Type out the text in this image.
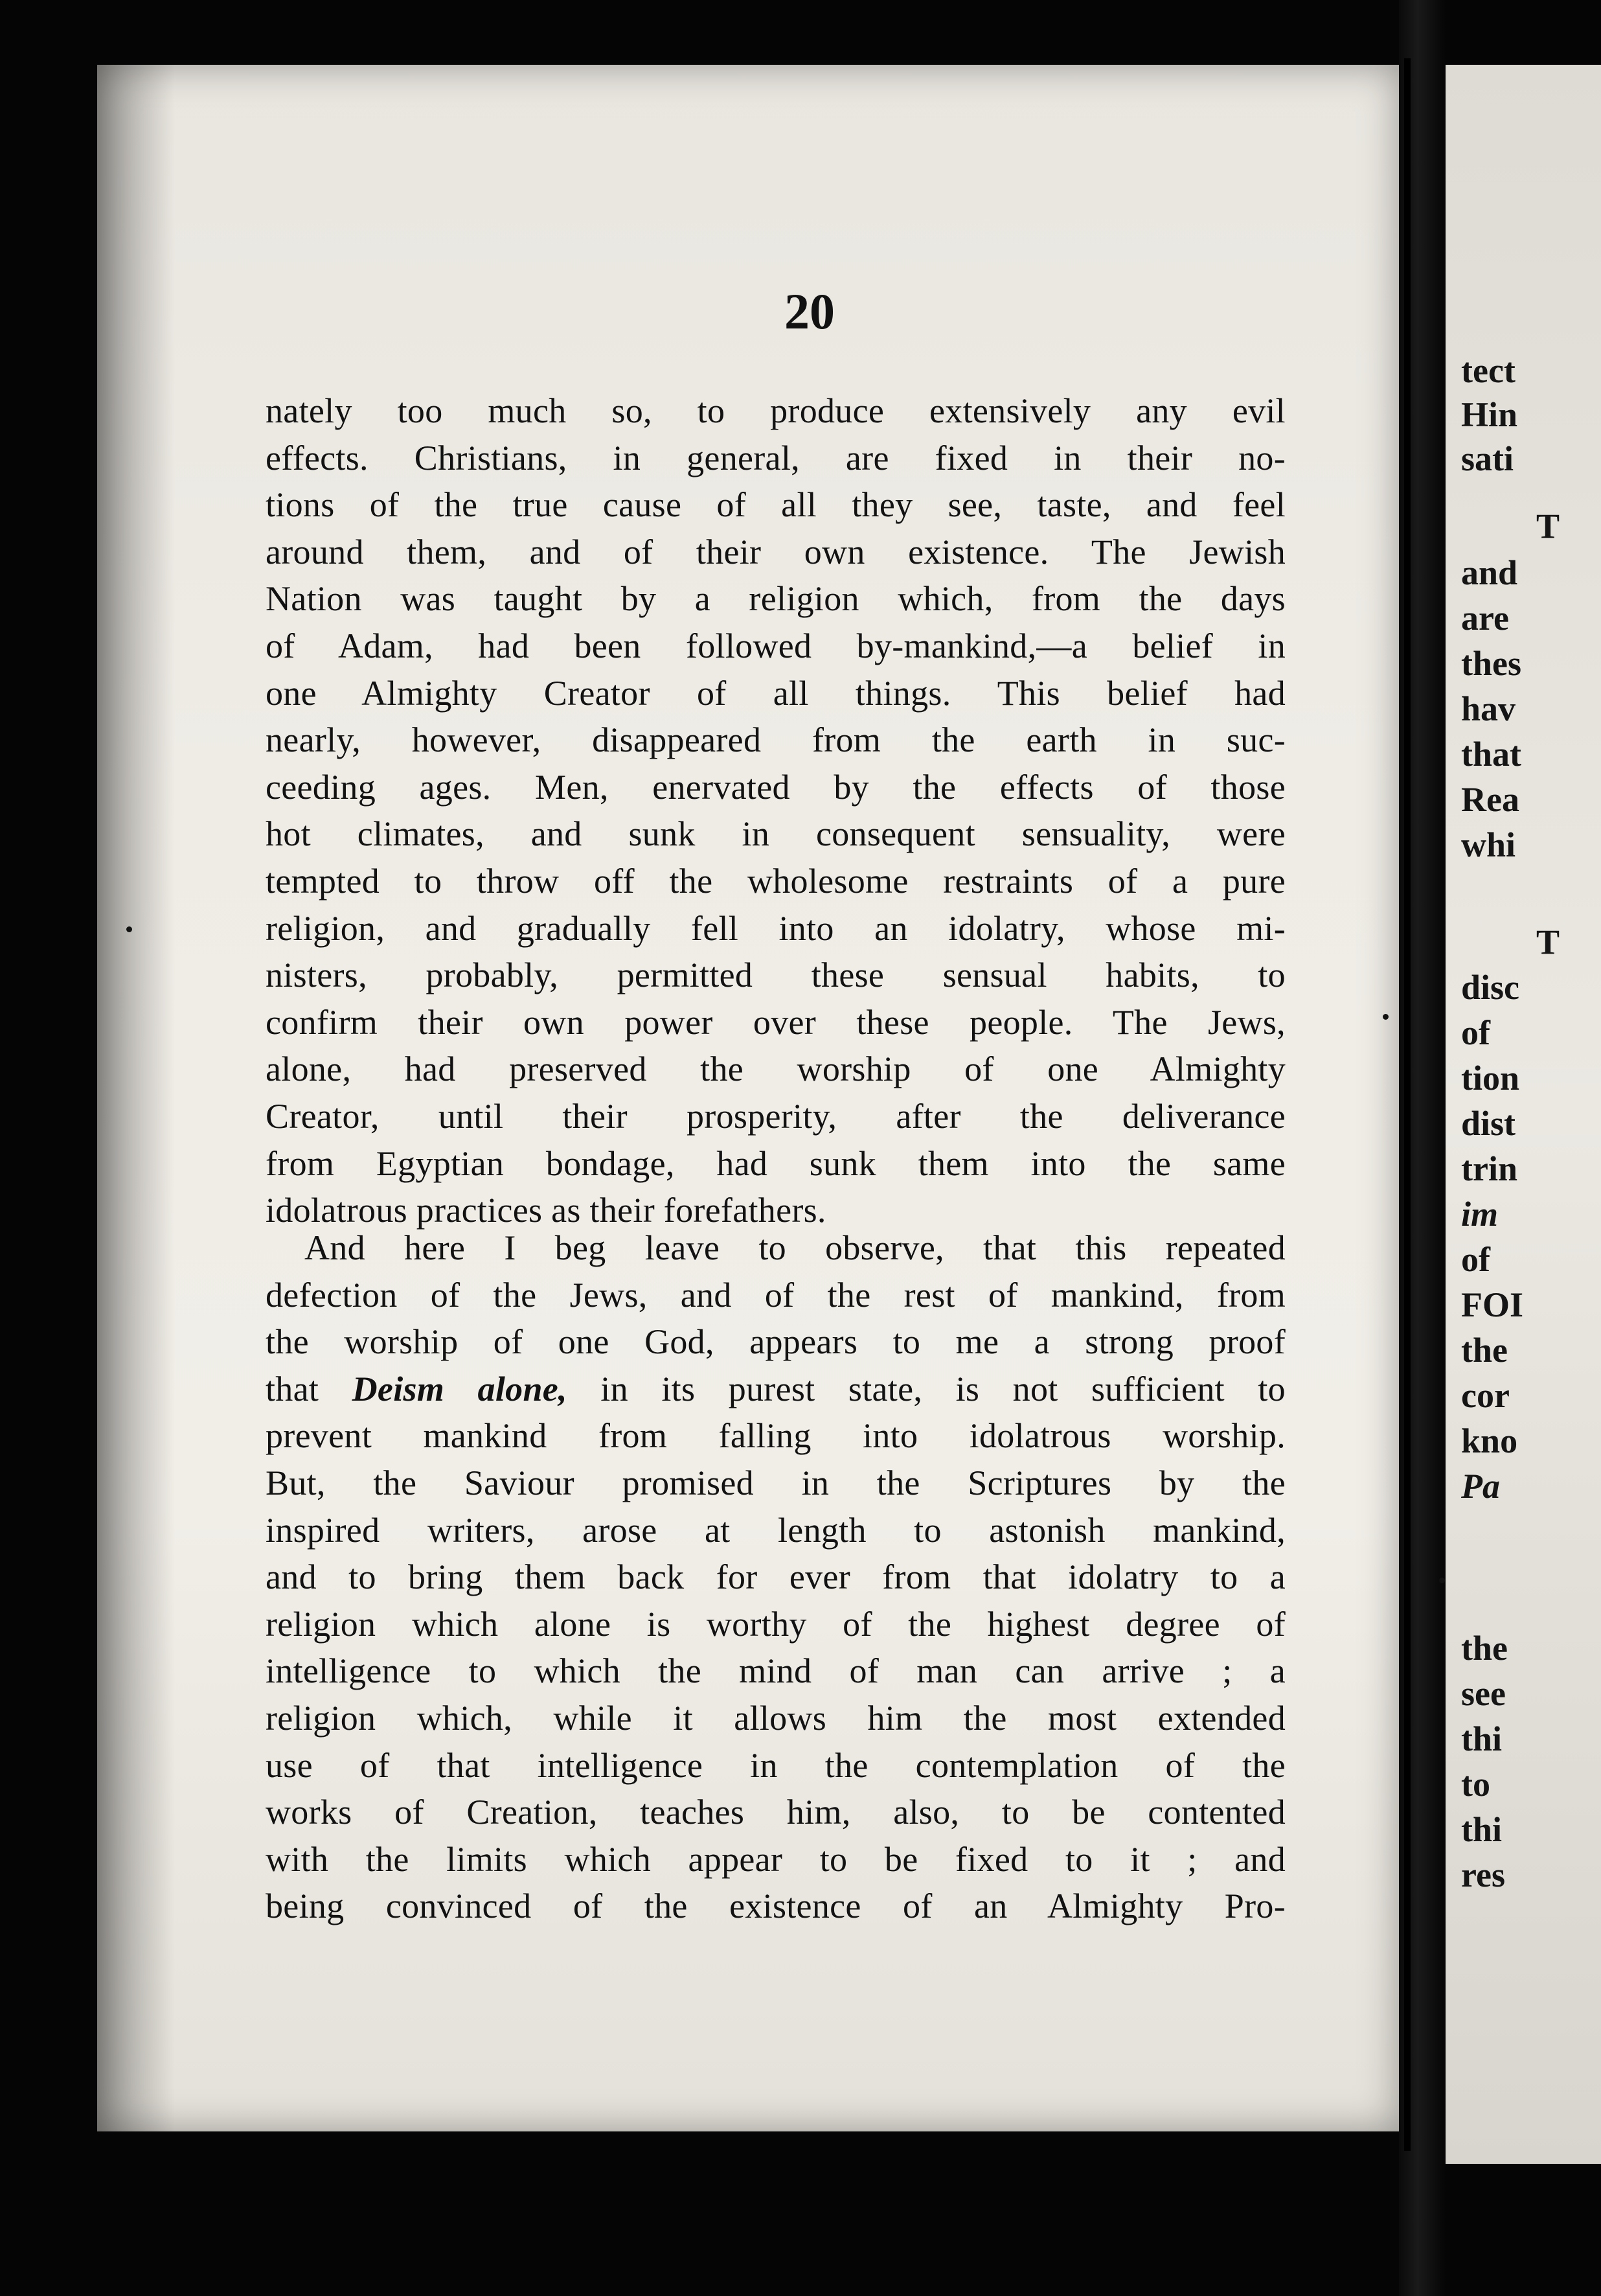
20
nately too much so, to produce extensively any evil
effects. Christians, in general, are fixed in their no-
tions of the true cause of all they see, taste, and feel
around them, and of their own existence. The Jewish
Nation was taught by a religion which, from the days
of Adam, had been followed by-mankind,—a belief in
one Almighty Creator of all things. This belief had
nearly, however, disappeared from the earth in suc-
ceeding ages. Men, enervated by the effects of those
hot climates, and sunk in consequent sensuality, were
tempted to throw off the wholesome restraints of a pure
religion, and gradually fell into an idolatry, whose mi-
nisters, probably, permitted these sensual habits, to
confirm their own power over these people. The Jews,
alone, had preserved the worship of one Almighty
Creator, until their prosperity, after the deliverance
from Egyptian bondage, had sunk them into the same
idolatrous practices as their forefathers.
And here I beg leave to observe, that this repeated
defection of the Jews, and of the rest of mankind, from
the worship of one God, appears to me a strong proof
that Deism alone, in its purest state, is not sufficient to
prevent mankind from falling into idolatrous worship.
But, the Saviour promised in the Scriptures by the
inspired writers, arose at length to astonish mankind,
and to bring them back for ever from that idolatry to a
religion which alone is worthy of the highest degree of
intelligence to which the mind of man can arrive ; a
religion which, while it allows him the most extended
use of that intelligence in the contemplation of the
works of Creation, teaches him, also, to be contented
with the limits which appear to be fixed to it ; and
being convinced of the existence of an Almighty Pro-
tect
Hin
sati
T
and
are
thes
hav
that
Rea
whi
T
disc
of
tion
dist
trin
im
of
FOI
the
cor
kno
Pa
the
see
thi
to
thi
res
